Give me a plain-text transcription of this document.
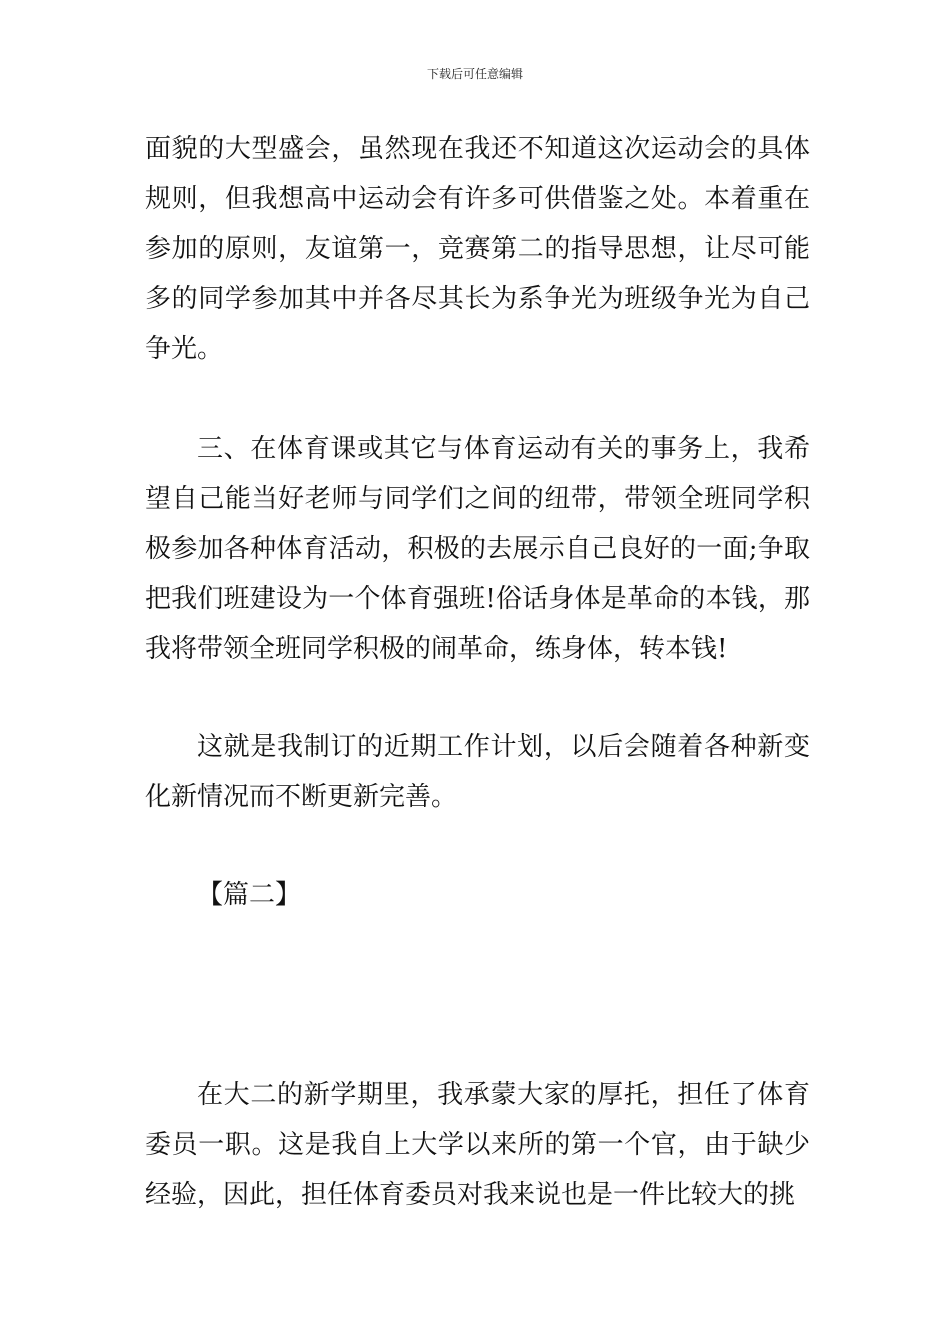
下载后可任意编辑

面貌的大型盛会，虽然现在我还不知道这次运动会的具体规则，但我想高中运动会有许多可供借鉴之处。本着重在参加的原则，友谊第一，竞赛第二的指导思想，让尽可能多的同学参加其中并各尽其长为系争光为班级争光为自己争光。

三、在体育课或其它与体育运动有关的事务上，我希望自己能当好老师与同学们之间的纽带，带领全班同学积极参加各种体育活动，积极的去展示自己良好的一面;争取把我们班建设为一个体育强班!俗话身体是革命的本钱，那我将带领全班同学积极的闹革命，练身体，转本钱!

这就是我制订的近期工作计划，以后会随着各种新变化新情况而不断更新完善。

【篇二】

在大二的新学期里，我承蒙大家的厚托，担任了体育委员一职。这是我自上大学以来所的第一个官，由于缺少经验，因此，担任体育委员对我来说也是一件比较大的挑
